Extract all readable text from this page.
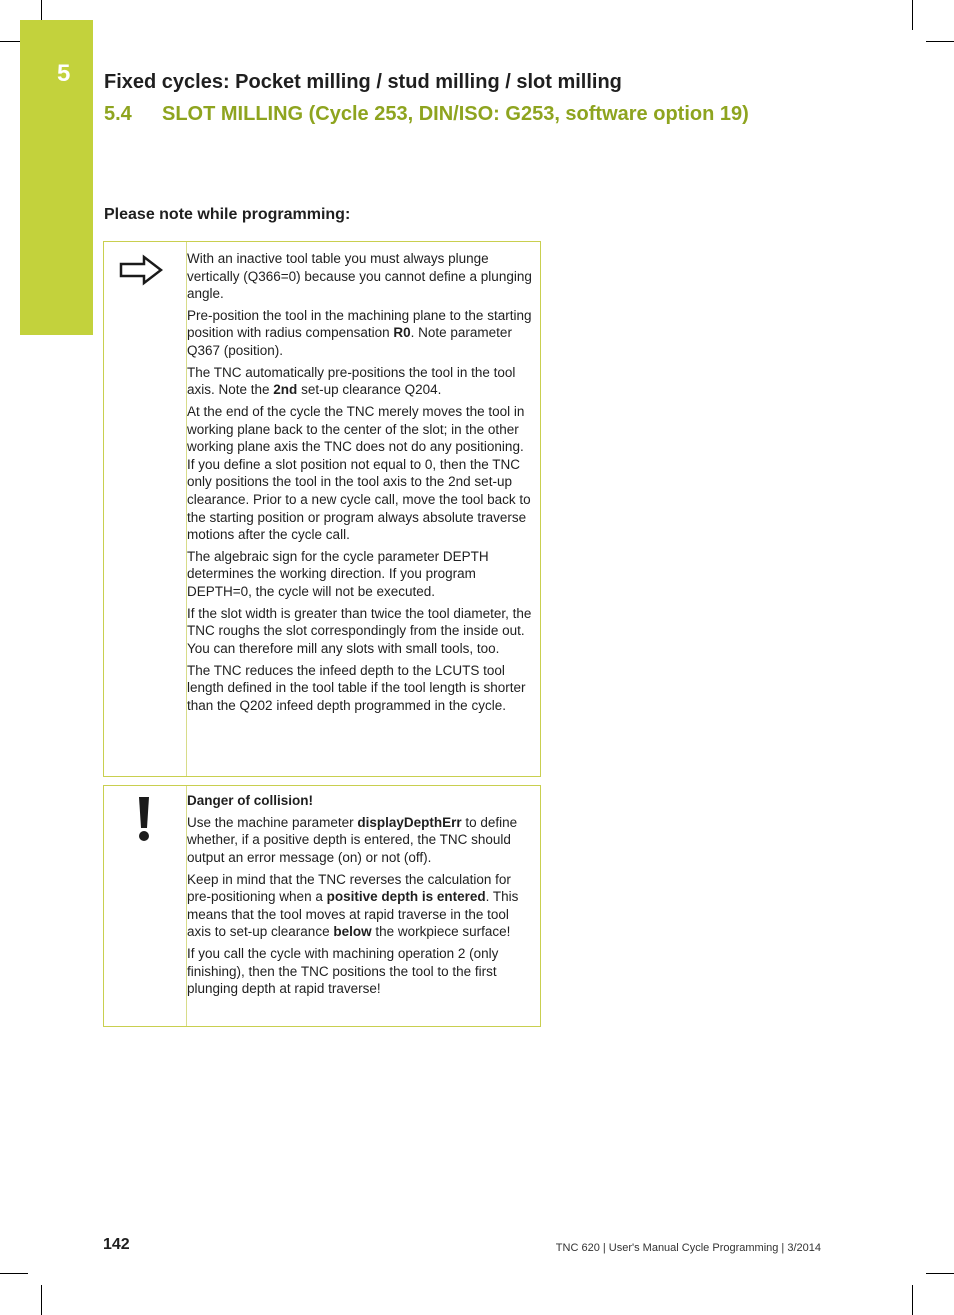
5 Fixed cycles: Pocket milling / stud milling / slot milling
5.4 SLOT MILLING (Cycle 253, DIN/ISO: G253, software option 19)
Please note while programming:

With an inactive tool table you must always plunge vertically (Q366=0) because you cannot define a plunging angle.

Pre-position the tool in the machining plane to the starting position with radius compensation R0. Note parameter Q367 (position).

The TNC automatically pre-positions the tool in the tool axis. Note the 2nd set-up clearance Q204.

At the end of the cycle the TNC merely moves the tool in working plane back to the center of the slot; in the other working plane axis the TNC does not do any positioning. If you define a slot position not equal to 0, then the TNC only positions the tool in the tool axis to the 2nd set-up clearance. Prior to a new cycle call, move the tool back to the starting position or program always absolute traverse motions after the cycle call.

The algebraic sign for the cycle parameter DEPTH determines the working direction. If you program DEPTH=0, the cycle will not be executed.

If the slot width is greater than twice the tool diameter, the TNC roughs the slot correspondingly from the inside out. You can therefore mill any slots with small tools, too.

The TNC reduces the infeed depth to the LCUTS tool length defined in the tool table if the tool length is shorter than the Q202 infeed depth programmed in the cycle.

Danger of collision!

Use the machine parameter displayDepthErr to define whether, if a positive depth is entered, the TNC should output an error message (on) or not (off).

Keep in mind that the TNC reverses the calculation for pre-positioning when a positive depth is entered. This means that the tool moves at rapid traverse in the tool axis to set-up clearance below the workpiece surface!

If you call the cycle with machining operation 2 (only finishing), then the TNC positions the tool to the first plunging depth at rapid traverse!

142	TNC 620 | User's Manual Cycle Programming | 3/2014
